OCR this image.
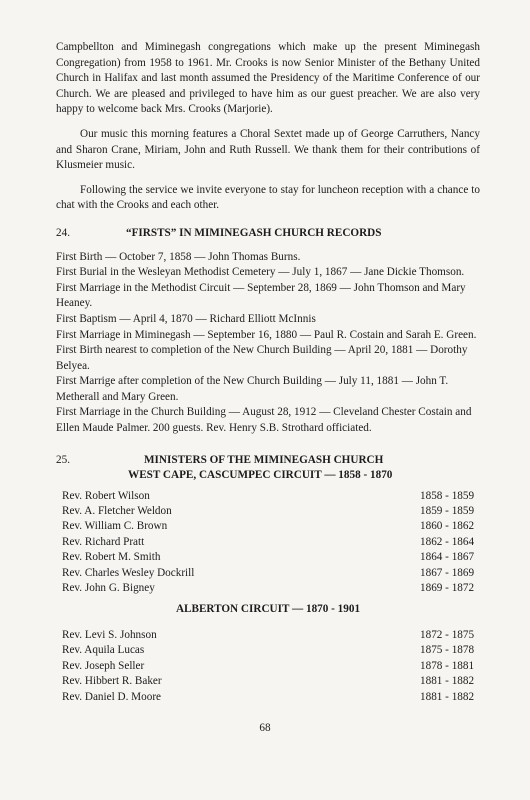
Campbellton and Miminegash congregations which make up the present Miminegash Congregation) from 1958 to 1961. Mr. Crooks is now Senior Minister of the Bethany United Church in Halifax and last month assumed the Presidency of the Maritime Conference of our Church. We are pleased and privileged to have him as our guest preacher. We are also very happy to welcome back Mrs. Crooks (Marjorie).

Our music this morning features a Choral Sextet made up of George Carruthers, Nancy and Sharon Crane, Miriam, John and Ruth Russell. We thank them for their contributions of Klusmeier music.

Following the service we invite everyone to stay for luncheon reception with a chance to chat with the Crooks and each other.

24.	“FIRSTS” IN MIMINEGASH CHURCH RECORDS

First Birth — October 7, 1858 — John Thomas Burns.

First Burial in the Wesleyan Methodist Cemetery — July 1, 1867 — Jane Dickie Thomson.

First Marriage in the Methodist Circuit — September 28, 1869 — John Thomson and Mary Heaney.

First Baptism — April 4, 1870 — Richard Elliott McInnis

First Marriage in Miminegash — September 16, 1880 — Paul R. Costain and Sarah E. Green.

First Birth nearest to completion of the New Church Building — April 20, 1881 — Dorothy Belyea.

First Marrige after completion of the New Church Building — July 11, 1881 — John T. Metherall and Mary Green.

First Marriage in the Church Building — August 28, 1912 — Cleveland Chester Costain and Ellen Maude Palmer. 200 guests. Rev. Henry S.B. Strothard officiated.

25.	MINISTERS OF THE MIMINEGASH CHURCH
WEST CAPE, CASCUMPEC CIRCUIT — 1858 - 1870
Rev. Robert Wilson	1858 - 1859
Rev. A. Fletcher Weldon	1859 - 1859
Rev. William C. Brown	1860 - 1862
Rev. Richard Pratt	1862 - 1864
Rev. Robert M. Smith	1864 - 1867
Rev. Charles Wesley Dockrill	1867 - 1869
Rev. John G. Bigney	1869 - 1872
ALBERTON CIRCUIT — 1870 - 1901
Rev. Levi S. Johnson	1872 - 1875
Rev. Aquila Lucas	1875 - 1878
Rev. Joseph Seller	1878 - 1881
Rev. Hibbert R. Baker	1881 - 1882
Rev. Daniel D. Moore	1881 - 1882
68
